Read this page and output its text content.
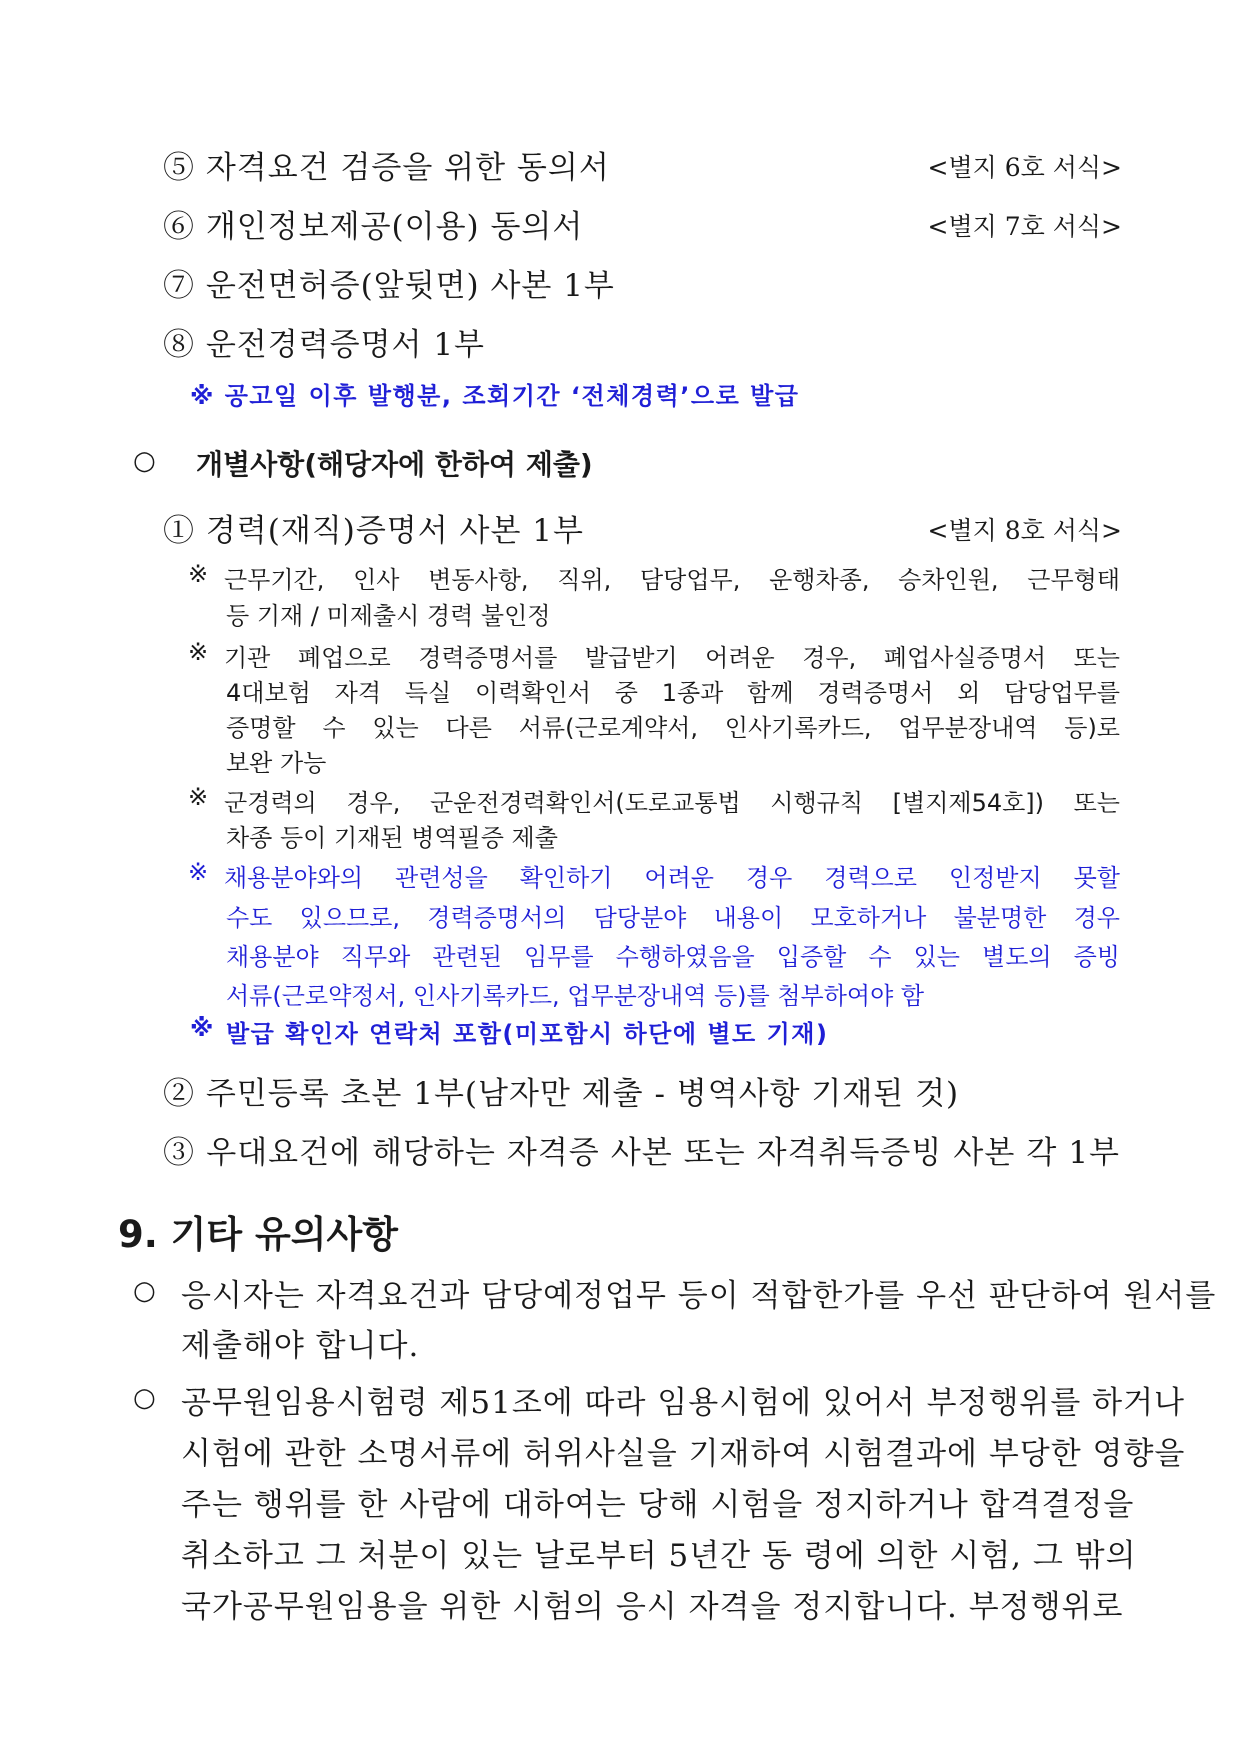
⑤ 자격요건 검증을 위한 동의서	<별지 6호 서식>
⑥ 개인정보제공(이용) 동의서	<별지 7호 서식>
⑦ 운전면허증(앞뒷면) 사본 1부
⑧ 운전경력증명서 1부
※ 공고일 이후 발행분, 조회기간 ‘전체경력’으로 발급
○ 개별사항(해당자에 한하여 제출)
① 경력(재직)증명서 사본 1부	<별지 8호 서식>
※ 근무기간, 인사 변동사항, 직위, 담당업무, 운행차종, 승차인원, 근무형태
등 기재 / 미제출시 경력 불인정
※ 기관 폐업으로 경력증명서를 발급받기 어려운 경우, 폐업사실증명서 또는
4대보험 자격 득실 이력확인서 중 1종과 함께 경력증명서 외 담당업무를
증명할 수 있는 다른 서류(근로계약서, 인사기록카드, 업무분장내역 등)로
보완 가능
※ 군경력의 경우, 군운전경력확인서(도로교통법 시행규칙 [별지제54호]) 또는
차종 등이 기재된 병역필증 제출
※ 채용분야와의 관련성을 확인하기 어려운 경우 경력으로 인정받지 못할
수도 있으므로, 경력증명서의 담당분야 내용이 모호하거나 불분명한 경우
채용분야 직무와 관련된 임무를 수행하였음을 입증할 수 있는 별도의 증빙
서류(근로약정서, 인사기록카드, 업무분장내역 등)를 첨부하여야 함
※ 발급 확인자 연락처 포함(미포함시 하단에 별도 기재)
② 주민등록 초본 1부(남자만 제출 - 병역사항 기재된 것)
③ 우대요건에 해당하는 자격증 사본 또는 자격취득증빙 사본 각 1부
9. 기타 유의사항
○ 응시자는 자격요건과 담당예정업무 등이 적합한가를 우선 판단하여 원서를
제출해야 합니다.
○ 공무원임용시험령 제51조에 따라 임용시험에 있어서 부정행위를 하거나
시험에 관한 소명서류에 허위사실을 기재하여 시험결과에 부당한 영향을
주는 행위를 한 사람에 대하여는 당해 시험을 정지하거나 합격결정을
취소하고 그 처분이 있는 날로부터 5년간 동 령에 의한 시험, 그 밖의
국가공무원임용을 위한 시험의 응시 자격을 정지합니다. 부정행위로
